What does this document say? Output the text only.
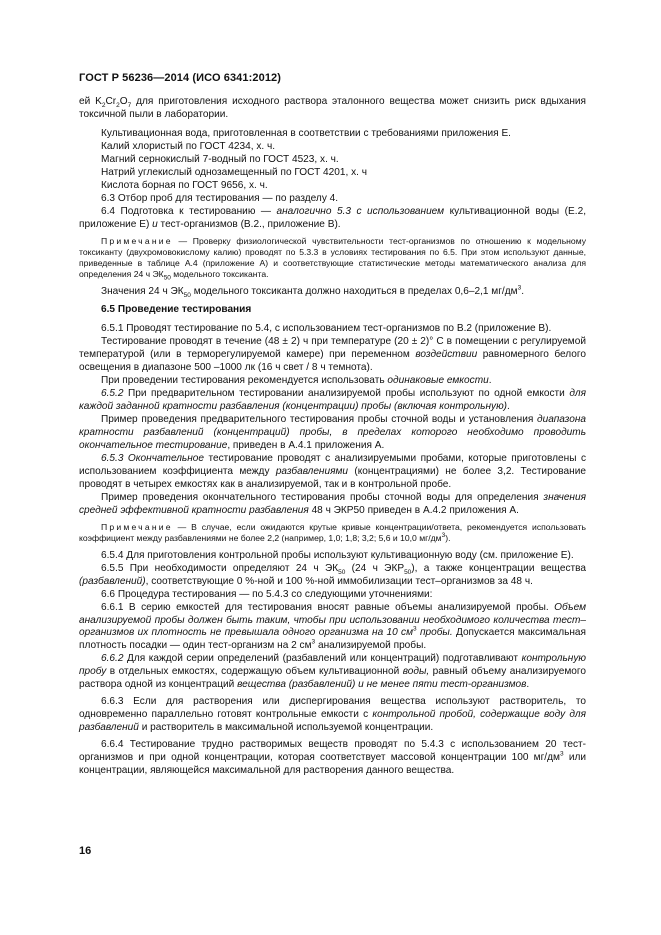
ГОСТ Р 56236—2014 (ИСО 6341:2012)

ей $K_2Cr_2O_7$ для приготовления исходного раствора эталонного вещества может снизить риск вдыхания токсичной пыли в лаборатории.

Культивационная вода, приготовленная в соответствии с требованиями приложения Е.

Калий хлористый по ГОСТ 4234, х. ч.

Магний сернокислый 7-водный по ГОСТ 4523, х. ч.

Натрий углекислый однозамещенный по ГОСТ 4201, х. ч

Кислота борная по ГОСТ 9656, х. ч.

6.3 Отбор проб для тестирования — по разделу 4.

6.4 Подготовка к тестированию — аналогично 5.3 с использованием культивационной воды (Е.2, приложение Е) и тест-организмов (В.2., приложение В).

Примечание — Проверку физиологической чувствительности тест-организмов по отношению к модельному токсиканту (двухромовокислому калию) проводят по 5.3.3 в условиях тестирования по 6.5. При этом используют данные, приведенные в таблице А.4 (приложение А) и соответствующие статистические методы математического анализа для определения 24 ч $ЭК_{50}$ модельного токсиканта.

Значения 24 ч $ЭК_{50}$ модельного токсиканта должно находиться в пределах 0,6–2,1 $мг/дм^3$.

6.5 Проведение тестирования

6.5.1 Проводят тестирование по 5.4, с использованием тест-организмов по В.2 (приложение В).

Тестирование проводят в течение (48 ± 2) ч при температуре (20 ± 2)° С в помещении с регулируемой температурой (или в терморегулируемой камере) при переменном воздействии равномерного белого освещения в диапазоне 500 –1000 лк (16 ч свет / 8 ч темнота).

При проведении тестирования рекомендуется использовать одинаковые емкости.

6.5.2 При предварительном тестировании анализируемой пробы используют по одной емкости для каждой заданной кратности разбавления (концентрации) пробы (включая контрольную).

Пример проведения предварительного тестирования пробы сточной воды и установления диапазона кратности разбавлений (концентраций) пробы, в пределах которого необходимо проводить окончательное тестирование, приведен в А.4.1 приложения А.

6.5.3 Окончательное тестирование проводят с анализируемыми пробами, которые приготовлены с использованием коэффициента между разбавлениями (концентрациями) не более 3,2. Тестирование проводят в четырех емкостях как в анализируемой, так и в контрольной пробе.

Пример проведения окончательного тестирования пробы сточной воды для определения значения средней эффективной кратности разбавления 48 ч ЭКР50 приведен в А.4.2 приложения А.

Примечание — В случае, если ожидаются крутые кривые концентрации/ответа, рекомендуется использовать коэффициент между разбавлениями не более 2,2 (например, 1,0; 1,8; 3,2; 5,6 и 10,0 $мг/дм^3$).

6.5.4 Для приготовления контрольной пробы используют культивационную воду (см. приложение Е).

6.5.5 При необходимости определяют 24 ч $ЭК_{50}$ (24 ч $ЭКР_{50}$), а также концентрации вещества (разбавлений), соответствующие 0 %-ной и 100 %-ной иммобилизации тест–организмов за 48 ч.

6.6 Процедура тестирования — по 5.4.3 со следующими уточнениями:

6.6.1 В серию емкостей для тестирования вносят равные объемы анализируемой пробы. Объем анализируемой пробы должен быть таким, чтобы при использовании необходимого количества тест–организмов их плотность не превышала одного организма на 10 $см^3$ пробы. Допускается максимальная плотность посадки — один тест-организм на 2 $см^3$ анализируемой пробы.

6.6.2 Для каждой серии определений (разбавлений или концентраций) подготавливают контрольную пробу в отдельных емкостях, содержащую объем культивационной воды, равный объему анализируемого раствора одной из концентраций вещества (разбавлений) и не менее пяти тест-организмов.

6.6.3 Если для растворения или диспергирования вещества используют растворитель, то одновременно параллельно готовят контрольные емкости с контрольной пробой, содержащие воду для разбавлений и растворитель в максимальной используемой концентрации.

6.6.4 Тестирование трудно растворимых веществ проводят по 5.4.3 с использованием 20 тест-организмов и при одной концентрации, которая соответствует массовой концентрации 100 $мг/дм^3$ или концентрации, являющейся максимальной для растворения данного вещества.

16
